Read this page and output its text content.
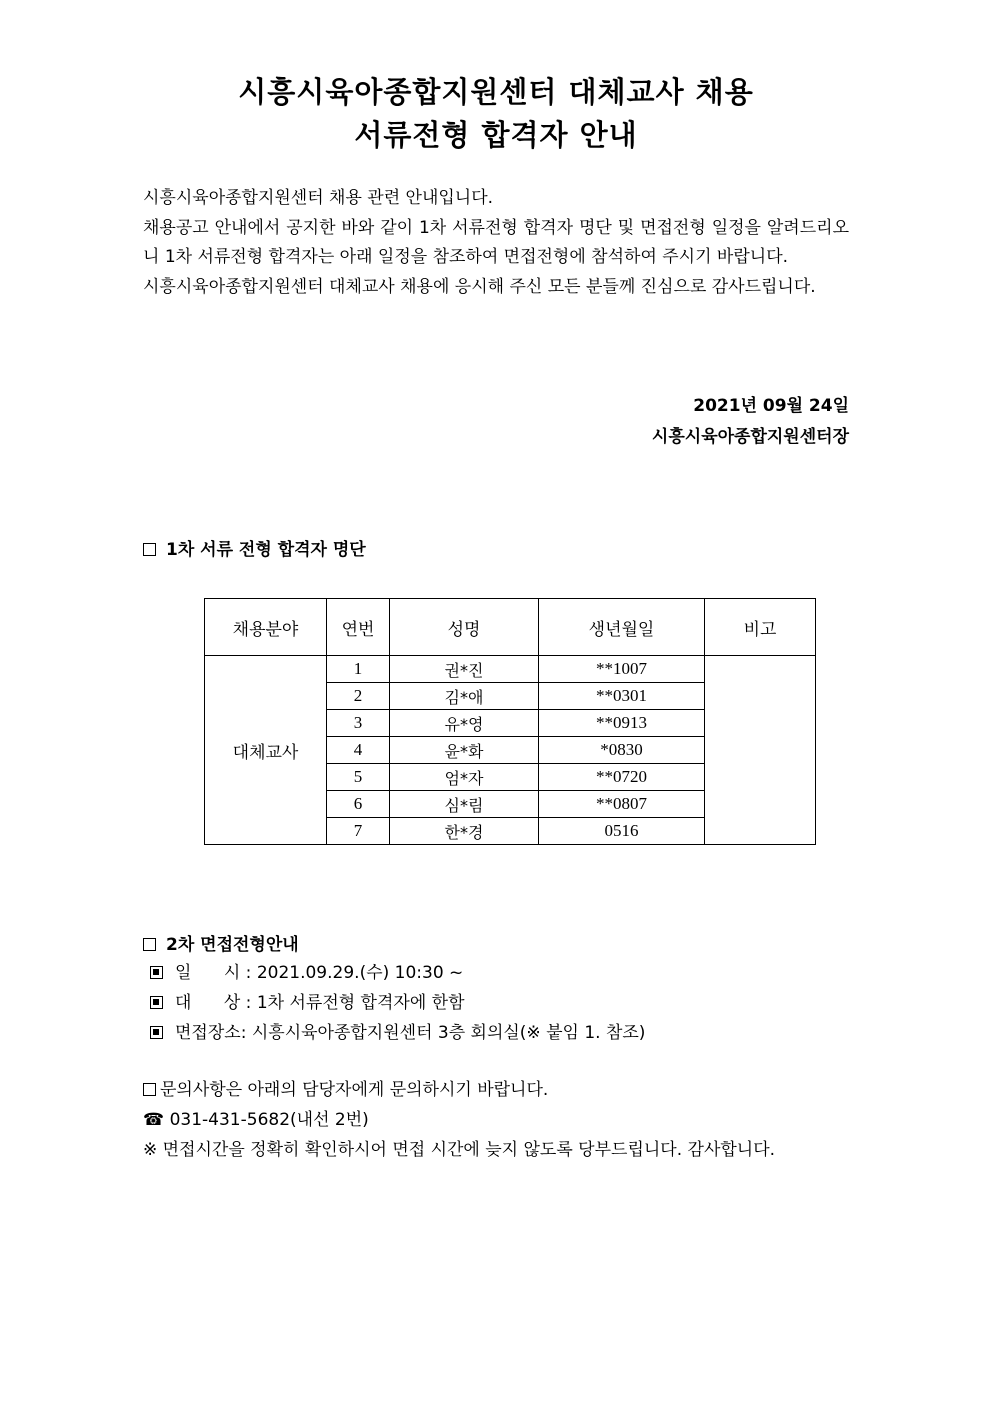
시흥시육아종합지원센터 대체교사 채용
서류전형 합격자 안내

시흥시육아종합지원센터 채용 관련 안내입니다.

채용공고 안내에서 공지한 바와 같이 1차 서류전형 합격자 명단 및 면접전형 일정을 알려드리오니 1차 서류전형 합격자는 아래 일정을 참조하여 면접전형에 참석하여 주시기 바랍니다.

시흥시육아종합지원센터 대체교사 채용에 응시해 주신 모든 분들께 진심으로 감사드립니다.

2021년 09월 24일
시흥시육아종합지원센터장
1차 서류 전형 합격자 명단
채용분야	연번	성명	생년월일	비고
대체교사	1	권*진	**1007	
	2	김*애	**0301	
	3	유*영	**0913	
	4	윤*화	*0830	
	5	엄*자	**0720	
	6	심*림	**0807	
	7	한*경	0516	
2차 면접전형안내
일      시 : 2021.09.29.(수) 10:30 ~
대      상 : 1차 서류전형 합격자에 한함
면접장소: 시흥시육아종합지원센터 3층 회의실(※ 붙임 1. 참조)
문의사항은 아래의 담당자에게 문의하시기 바랍니다.
☎ 031-431-5682(내선 2번)
※ 면접시간을 정확히 확인하시어 면접 시간에 늦지 않도록 당부드립니다. 감사합니다.
